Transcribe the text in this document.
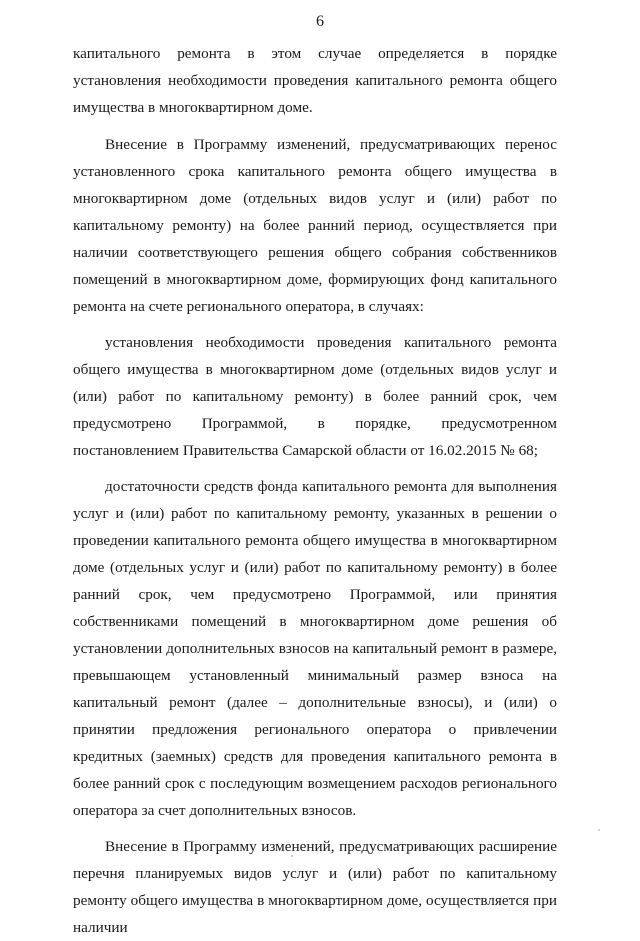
6

капитального ремонта в этом случае определяется в порядке установления необходимости проведения капитального ремонта общего имущества в многоквартирном доме.

Внесение в Программу изменений, предусматривающих перенос установленного срока капитального ремонта общего имущества в многоквартирном доме (отдельных видов услуг и (или) работ по капитальному ремонту) на более ранний период, осуществляется при наличии соответствующего решения общего собрания собственников помещений в многоквартирном доме, формирующих фонд капитального ремонта на счете регионального оператора, в случаях:

установления необходимости проведения капитального ремонта общего имущества в многоквартирном доме (отдельных видов услуг и (или) работ по капитальному ремонту) в более ранний срок, чем предусмотрено Программой, в порядке, предусмотренном постановлением Правительства Самарской области от 16.02.2015 № 68;

достаточности средств фонда капитального ремонта для выполнения услуг и (или) работ по капитальному ремонту, указанных в решении о проведении капитального ремонта общего имущества в многоквартирном доме (отдельных услуг и (или) работ по капитальному ремонту) в более ранний срок, чем предусмотрено Программой, или принятия собственниками помещений в многоквартирном доме решения об установлении дополнительных взносов на капитальный ремонт в размере, превышающем установленный минимальный размер взноса на капитальный ремонт (далее – дополнительные взносы), и (или) о принятии предложения регионального оператора о привлечении кредитных (заемных) средств для проведения капитального ремонта в более ранний срок с последующим возмещением расходов регионального оператора за счет дополнительных взносов.

Внесение в Программу изменений, предусматривающих расширение перечня планируемых видов услуг и (или) работ по капитальному ремонту общего имущества в многоквартирном доме, осуществляется при наличии
